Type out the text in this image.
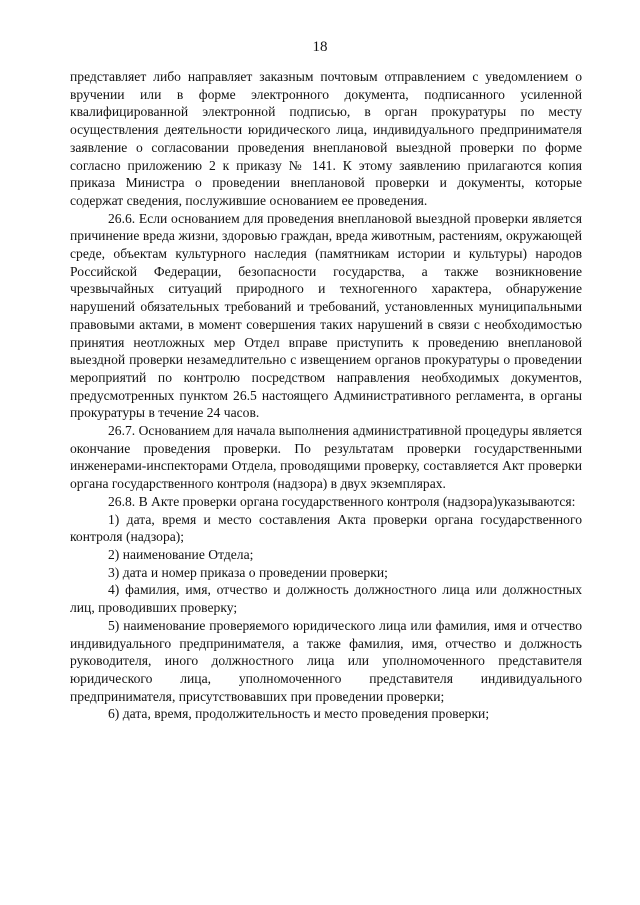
18

представляет либо направляет заказным почтовым отправлением с уведомлением о вручении или в форме электронного документа, подписанного усиленной квалифицированной электронной подписью, в орган прокуратуры по месту осуществления деятельности юридического лица, индивидуального предпринимателя заявление о согласовании проведения внеплановой выездной проверки по форме согласно приложению 2 к приказу № 141. К этому заявлению прилагаются копия приказа Министра о проведении внеплановой проверки и документы, которые содержат сведения, послужившие основанием ее проведения.

26.6. Если основанием для проведения внеплановой выездной проверки является причинение вреда жизни, здоровью граждан, вреда животным, растениям, окружающей среде, объектам культурного наследия (памятникам истории и культуры) народов Российской Федерации, безопасности государства, а также возникновение чрезвычайных ситуаций природного и техногенного характера, обнаружение нарушений обязательных требований и требований, установленных муниципальными правовыми актами, в момент совершения таких нарушений в связи с необходимостью принятия неотложных мер Отдел вправе приступить к проведению внеплановой выездной проверки незамедлительно с извещением органов прокуратуры о проведении мероприятий по контролю посредством направления необходимых документов, предусмотренных пунктом 26.5 настоящего Административного регламента, в органы прокуратуры в течение 24 часов.

26.7. Основанием для начала выполнения административной процедуры является окончание проведения проверки. По результатам проверки государственными инженерами-инспекторами Отдела, проводящими проверку, составляется Акт проверки органа государственного контроля (надзора) в двух экземплярах.

26.8. В Акте проверки органа государственного контроля (надзора)указываются:

1) дата, время и место составления Акта проверки органа государственного контроля (надзора);

2) наименование Отдела;

3) дата и номер приказа о проведении проверки;

4) фамилия, имя, отчество и должность должностного лица или должностных лиц, проводивших проверку;

5) наименование проверяемого юридического лица или фамилия, имя и отчество индивидуального предпринимателя, а также фамилия, имя, отчество и должность руководителя, иного должностного лица или уполномоченного представителя юридического лица, уполномоченного представителя индивидуального предпринимателя, присутствовавших при проведении проверки;

6) дата, время, продолжительность и место проведения проверки;
